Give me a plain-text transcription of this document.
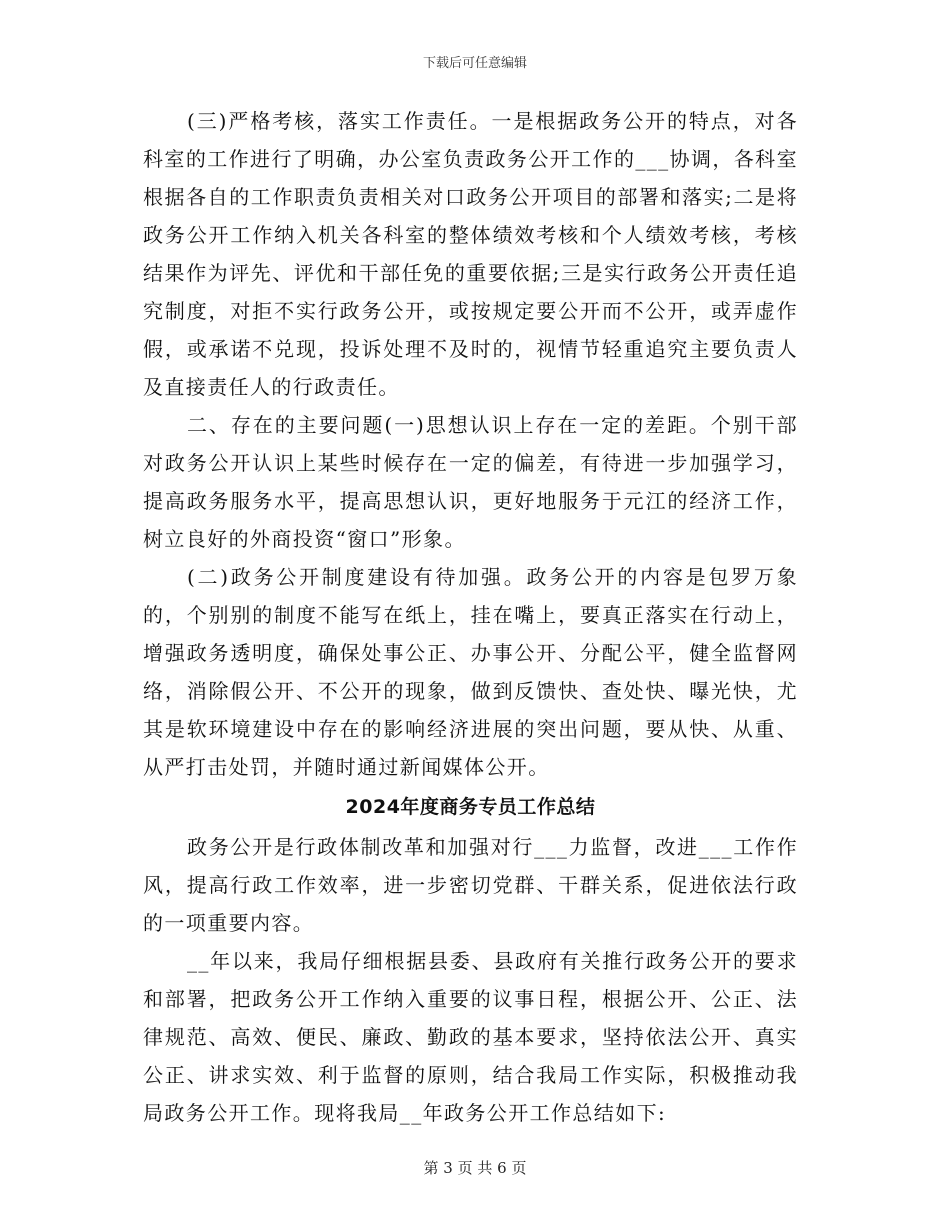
下载后可任意编辑

(三)严格考核，落实工作责任。一是根据政务公开的特点，对各科室的工作进行了明确，办公室负责政务公开工作的___协调，各科室根据各自的工作职责负责相关对口政务公开项目的部署和落实;二是将政务公开工作纳入机关各科室的整体绩效考核和个人绩效考核，考核结果作为评先、评优和干部任免的重要依据;三是实行政务公开责任追究制度，对拒不实行政务公开，或按规定要公开而不公开，或弄虚作假，或承诺不兑现，投诉处理不及时的，视情节轻重追究主要负责人及直接责任人的行政责任。

二、存在的主要问题(一)思想认识上存在一定的差距。个别干部对政务公开认识上某些时候存在一定的偏差，有待进一步加强学习，提高政务服务水平，提高思想认识，更好地服务于元江的经济工作，树立良好的外商投资“窗口”形象。

(二)政务公开制度建设有待加强。政务公开的内容是包罗万象的，个别别的制度不能写在纸上，挂在嘴上，要真正落实在行动上，增强政务透明度，确保处事公正、办事公开、分配公平，健全监督网络，消除假公开、不公开的现象，做到反馈快、查处快、曝光快，尤其是软环境建设中存在的影响经济进展的突出问题，要从快、从重、从严打击处罚，并随时通过新闻媒体公开。

2024年度商务专员工作总结

政务公开是行政体制改革和加强对行___力监督，改进___工作作风，提高行政工作效率，进一步密切党群、干群关系，促进依法行政的一项重要内容。

__年以来，我局仔细根据县委、县政府有关推行政务公开的要求和部署，把政务公开工作纳入重要的议事日程，根据公开、公正、法律规范、高效、便民、廉政、勤政的基本要求，坚持依法公开、真实公正、讲求实效、利于监督的原则，结合我局工作实际，积极推动我局政务公开工作。现将我局__年政务公开工作总结如下:

第 3 页 共 6 页
